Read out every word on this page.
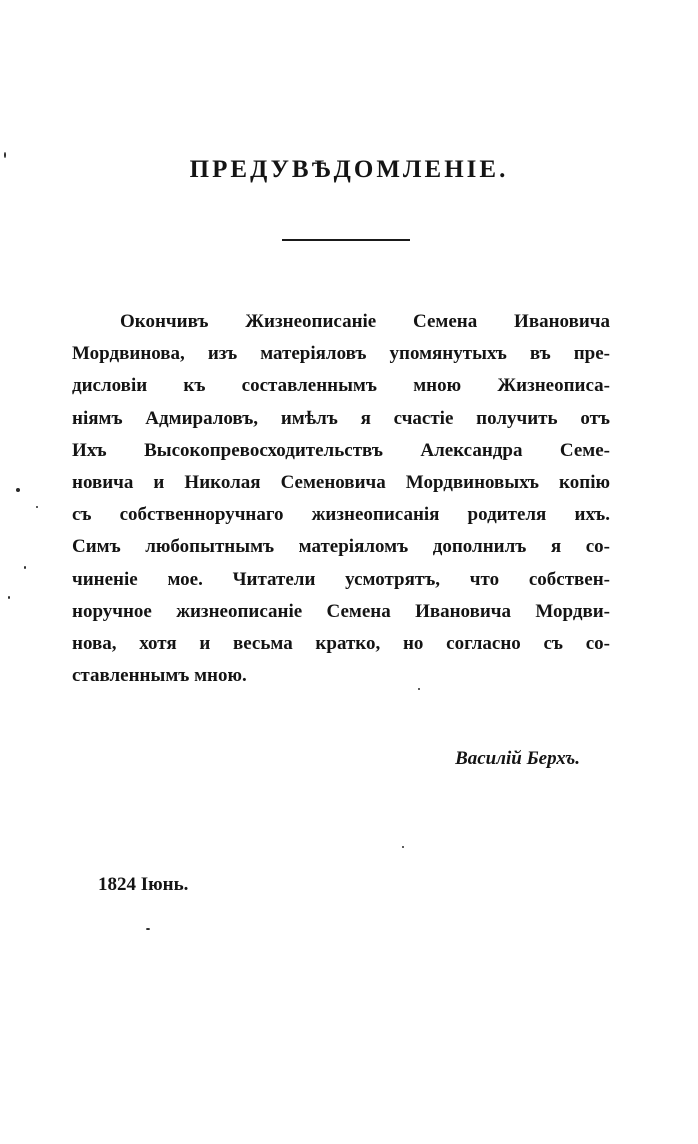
ПРЕДУВѢДОМЛЕНІЕ.
Окончивъ Жизнеописаніе Семена Ивановича
Мордвинова, изъ матеріяловъ упомянутыхъ въ пре-
дисловіи къ составленнымъ мною Жизнеописа-
ніямъ Адмираловъ, имѣлъ я счастіе получить отъ
Ихъ Высокопревосходительствъ Александра Семе-
новича и Николая Семеновича Мордвиновыхъ копію
съ собственноручнаго жизнеописанія родителя ихъ.
Симъ любопытнымъ матеріяломъ дополнилъ я со-
чиненіе мое. Читатели усмотрятъ, что собствен-
норучное жизнеописаніе Семена Ивановича Мордви-
нова, хотя и весьма кратко, но согласно съ со-
ставленнымъ мною.
Василій Берхъ.
1824 Іюнь.
